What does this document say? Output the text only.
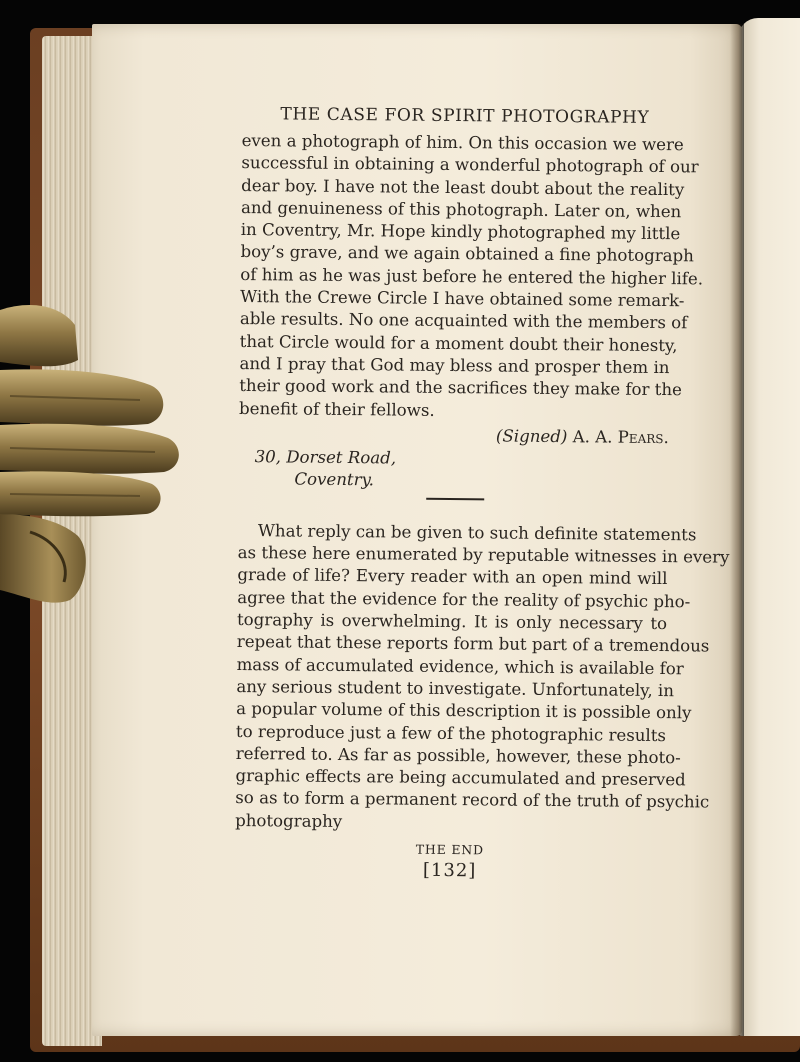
THE CASE FOR SPIRIT PHOTOGRAPHY
even a photograph of him. On this occasion we were
successful in obtaining a wonderful photograph of our
dear boy. I have not the least doubt about the reality
and genuineness of this photograph. Later on, when
in Coventry, Mr. Hope kindly photographed my little
boy’s grave, and we again obtained a fine photograph
of him as he was just before he entered the higher life.
With the Crewe Circle I have obtained some remark-
able results. No one acquainted with the members of
that Circle would for a moment doubt their honesty,
and I pray that God may bless and prosper them in
their good work and the sacrifices they make for the
benefit of their fellows.
(Signed) A. A. Pears.
30, Dorset Road,
Coventry.
What reply can be given to such definite statements
as these here enumerated by reputable witnesses in every
grade of life? Every reader with an open mind will
agree that the evidence for the reality of psychic pho-
tography is overwhelming. It is only necessary to
repeat that these reports form but part of a tremendous
mass of accumulated evidence, which is available for
any serious student to investigate. Unfortunately, in
a popular volume of this description it is possible only
to reproduce just a few of the photographic results
referred to. As far as possible, however, these photo-
graphic effects are being accumulated and preserved
so as to form a permanent record of the truth of psychic
photography
THE END
[132]
